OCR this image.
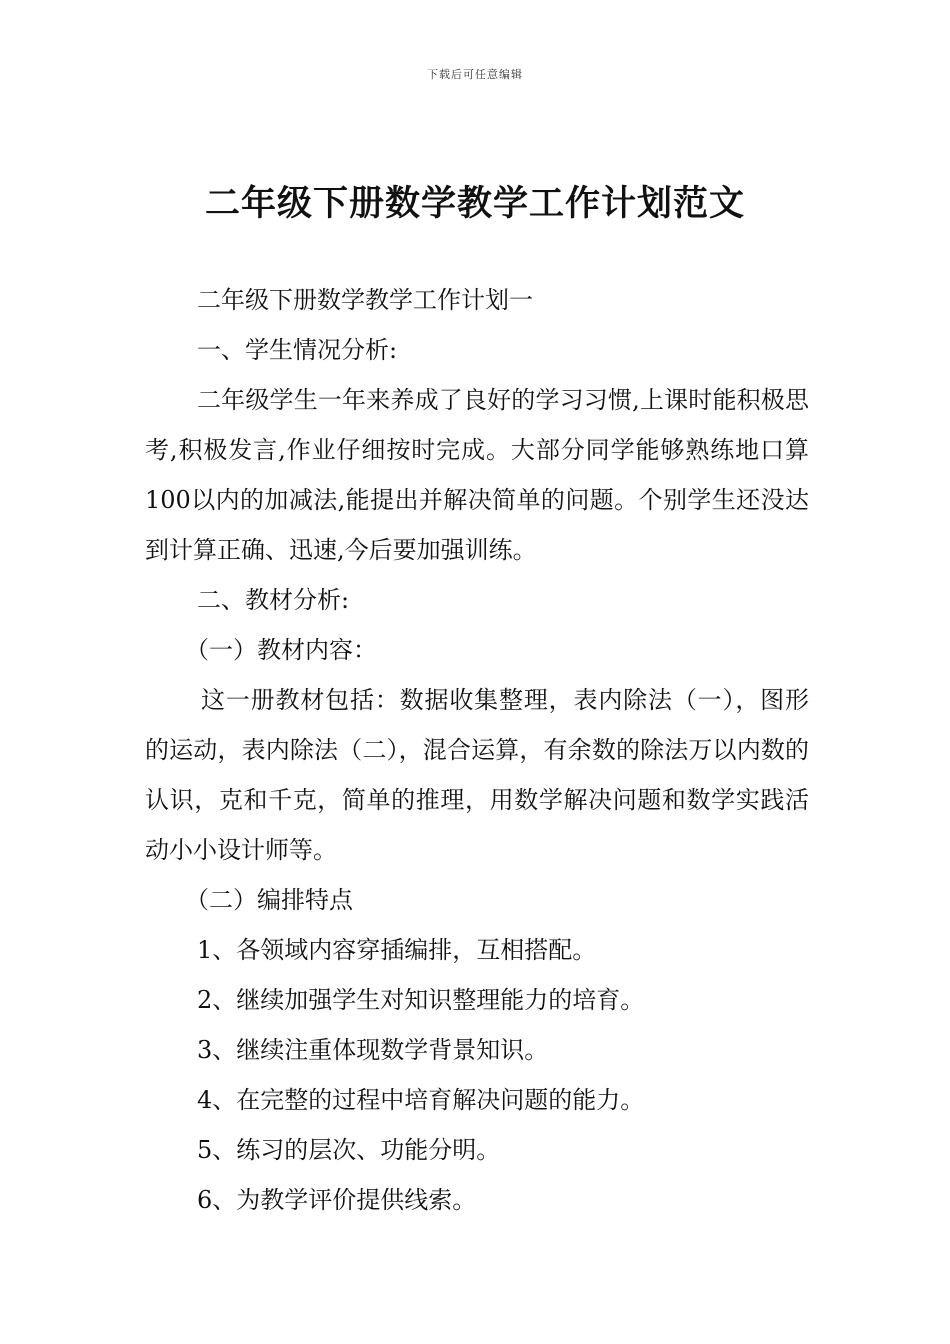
下载后可任意编辑
二年级下册数学教学工作计划范文

二年级下册数学教学工作计划一

一、学生情况分析:

二年级学生一年来养成了良好的学习习惯,上课时能积极思考,积极发言,作业仔细按时完成。大部分同学能够熟练地口算100以内的加减法,能提出并解决简单的问题。个别学生还没达到计算正确、迅速,今后要加强训练。

二、教材分析:

（一）教材内容：

这一册教材包括：数据收集整理，表内除法（一），图形的运动，表内除法（二），混合运算，有余数的除法万以内数的认识，克和千克，简单的推理，用数学解决问题和数学实践活动小小设计师等。

（二）编排特点

1、各领域内容穿插编排，互相搭配。

2、继续加强学生对知识整理能力的培育。

3、继续注重体现数学背景知识。

4、在完整的过程中培育解决问题的能力。

5、练习的层次、功能分明。

6、为教学评价提供线索。
